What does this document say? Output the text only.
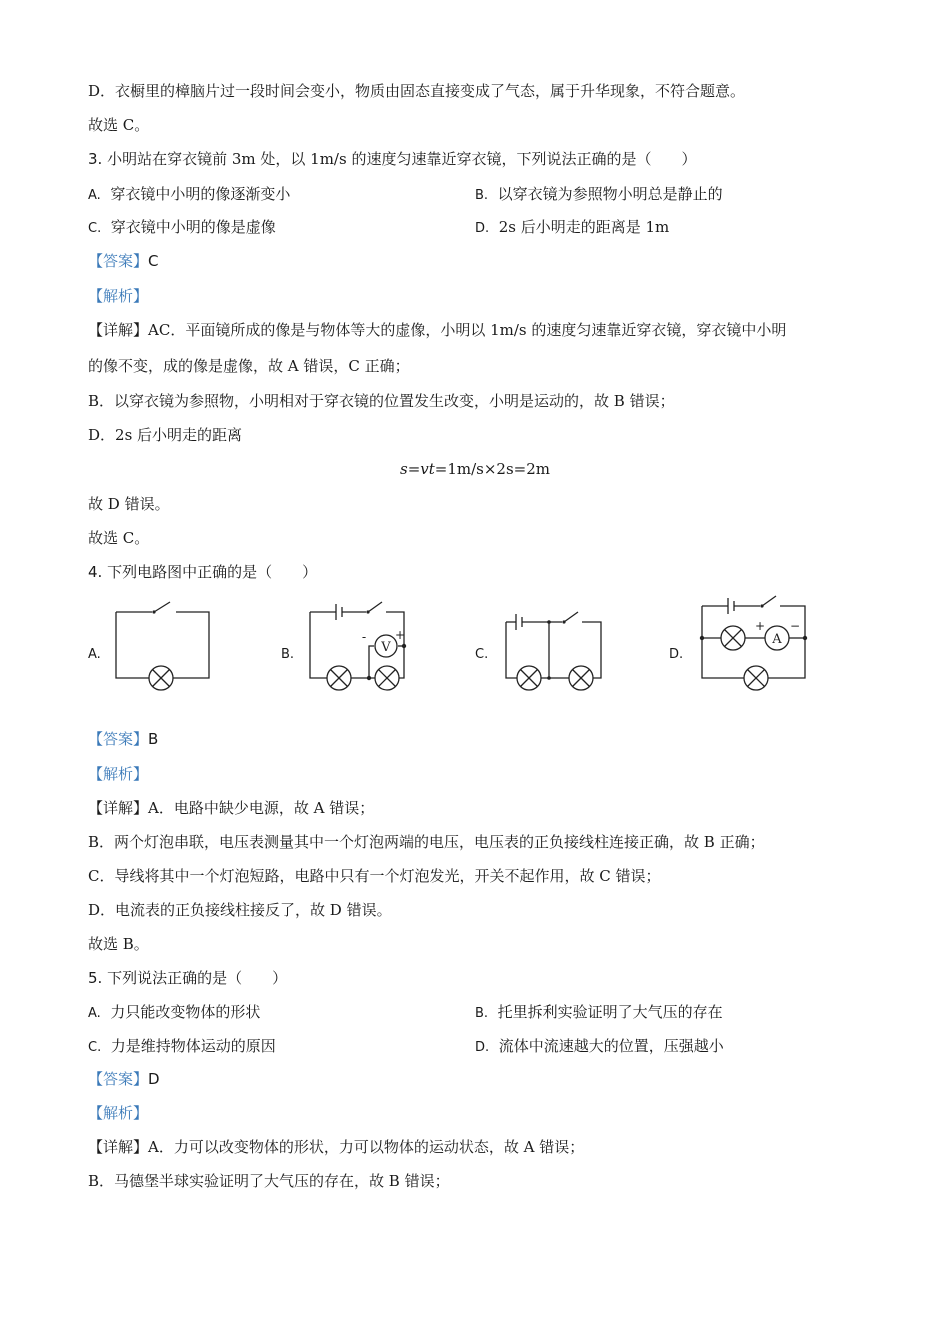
D．衣橱里的樟脑片过一段时间会变小，物质由固态直接变成了气态，属于升华现象，不符合题意。
故选 C。
3. 小明站在穿衣镜前 3m 处，以 1m/s 的速度匀速靠近穿衣镜，下列说法正确的是（　　）
A. 穿衣镜中小明的像逐渐变小	B. 以穿衣镜为参照物小明总是静止的
C. 穿衣镜中小明的像是虚像	D. 2s 后小明走的距离是 1m
【答案】C
【解析】
【详解】AC．平面镜所成的像是与物体等大的虚像，小明以 1m/s 的速度匀速靠近穿衣镜，穿衣镜中小明
的像不变，成的像是虚像，故 A 错误，C 正确；
B．以穿衣镜为参照物，小明相对于穿衣镜的位置发生改变，小明是运动的，故 B 错误；
D．2s 后小明走的距离
s=vt=1m/s×2s=2m
故 D 错误。
故选 C。
4. 下列电路图中正确的是（　　）
A.	B.	V
- +
C.	D.
A
+ −
【答案】B
【解析】
【详解】A．电路中缺少电源，故 A 错误；
B．两个灯泡串联，电压表测量其中一个灯泡两端的电压，电压表的正负接线柱连接正确，故 B 正确；
C．导线将其中一个灯泡短路，电路中只有一个灯泡发光，开关不起作用，故 C 错误；
D．电流表的正负接线柱接反了，故 D 错误。
故选 B。
5. 下列说法正确的是（　　）
A. 力只能改变物体的形状	B. 托里拆利实验证明了大气压的存在
C. 力是维持物体运动的原因	D. 流体中流速越大的位置，压强越小
【答案】D
【解析】
【详解】A．力可以改变物体的形状，力可以物体的运动状态，故 A 错误；
B．马德堡半球实验证明了大气压的存在，故 B 错误；
